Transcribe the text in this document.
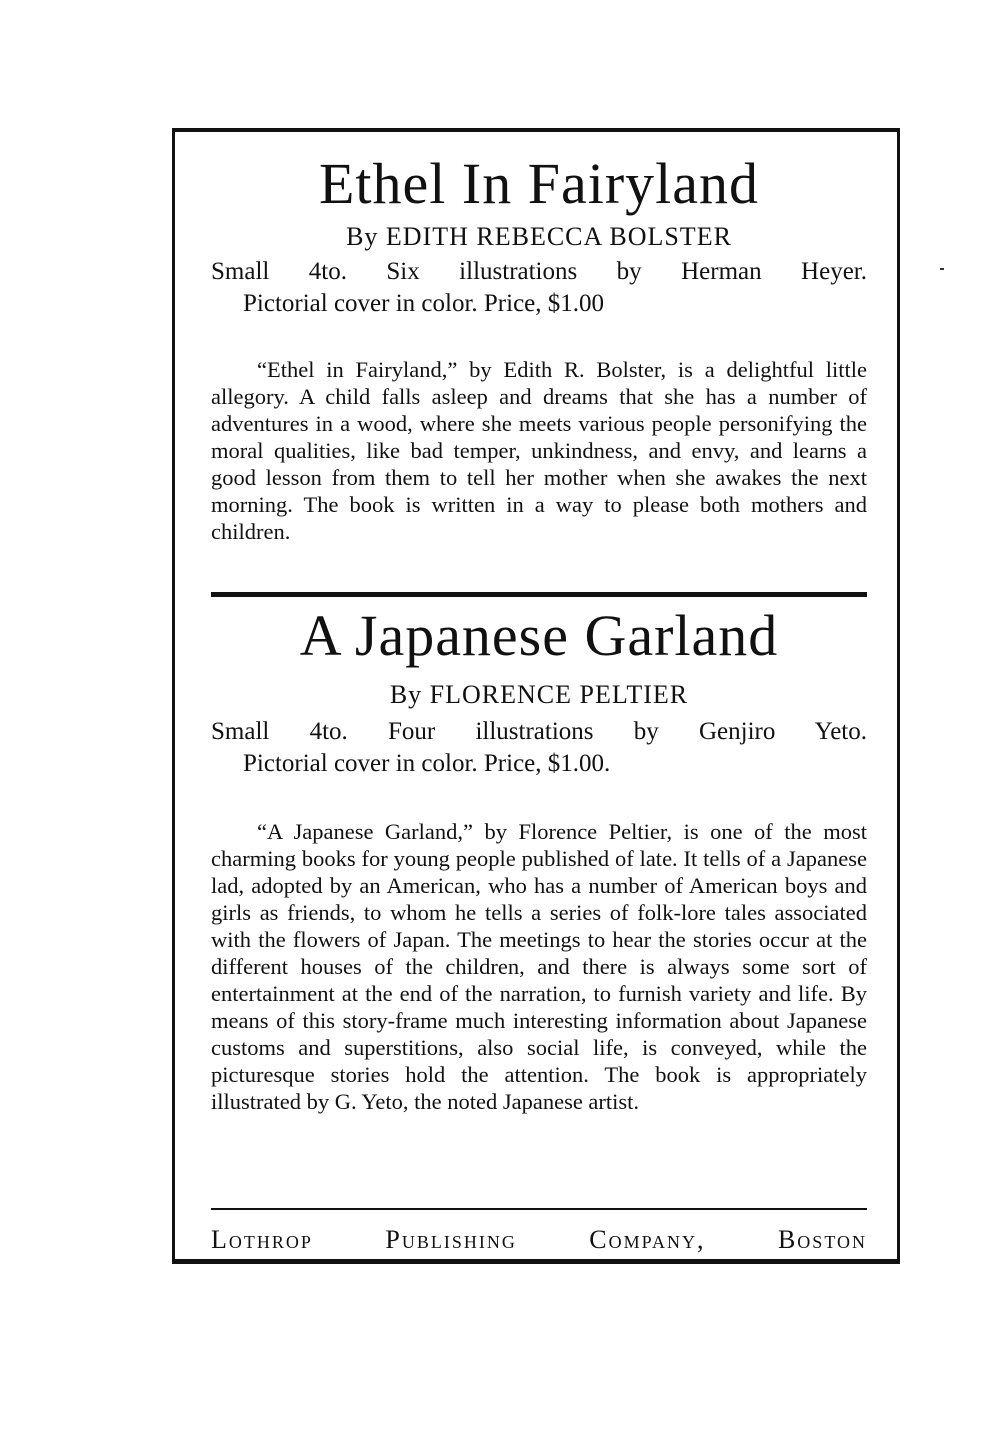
Ethel In Fairyland
By EDITH REBECCA BOLSTER
Small 4to. Six illustrations by Herman Heyer.
Pictorial cover in color. Price, $1.00
“Ethel in Fairyland,” by Edith R. Bolster, is a delightful little allegory. A child falls asleep and dreams that she has a number of adventures in a wood, where she meets various people personifying the moral qualities, like bad temper, unkindness, and envy, and learns a good lesson from them to tell her mother when she awakes the next morning. The book is written in a way to please both mothers and children.
A Japanese Garland
By FLORENCE PELTIER
Small 4to. Four illustrations by Genjiro Yeto.
Pictorial cover in color. Price, $1.00.
“A Japanese Garland,” by Florence Peltier, is one of the most charming books for young people published of late. It tells of a Japanese lad, adopted by an American, who has a number of American boys and girls as friends, to whom he tells a series of folk-lore tales associated with the flowers of Japan. The meetings to hear the stories occur at the different houses of the children, and there is always some sort of entertainment at the end of the narration, to furnish variety and life. By means of this story-frame much interesting information about Japanese customs and superstitions, also social life, is conveyed, while the picturesque stories hold the attention. The book is appropriately illustrated by G. Yeto, the noted Japanese artist.
Lothrop Publishing Company, Boston
